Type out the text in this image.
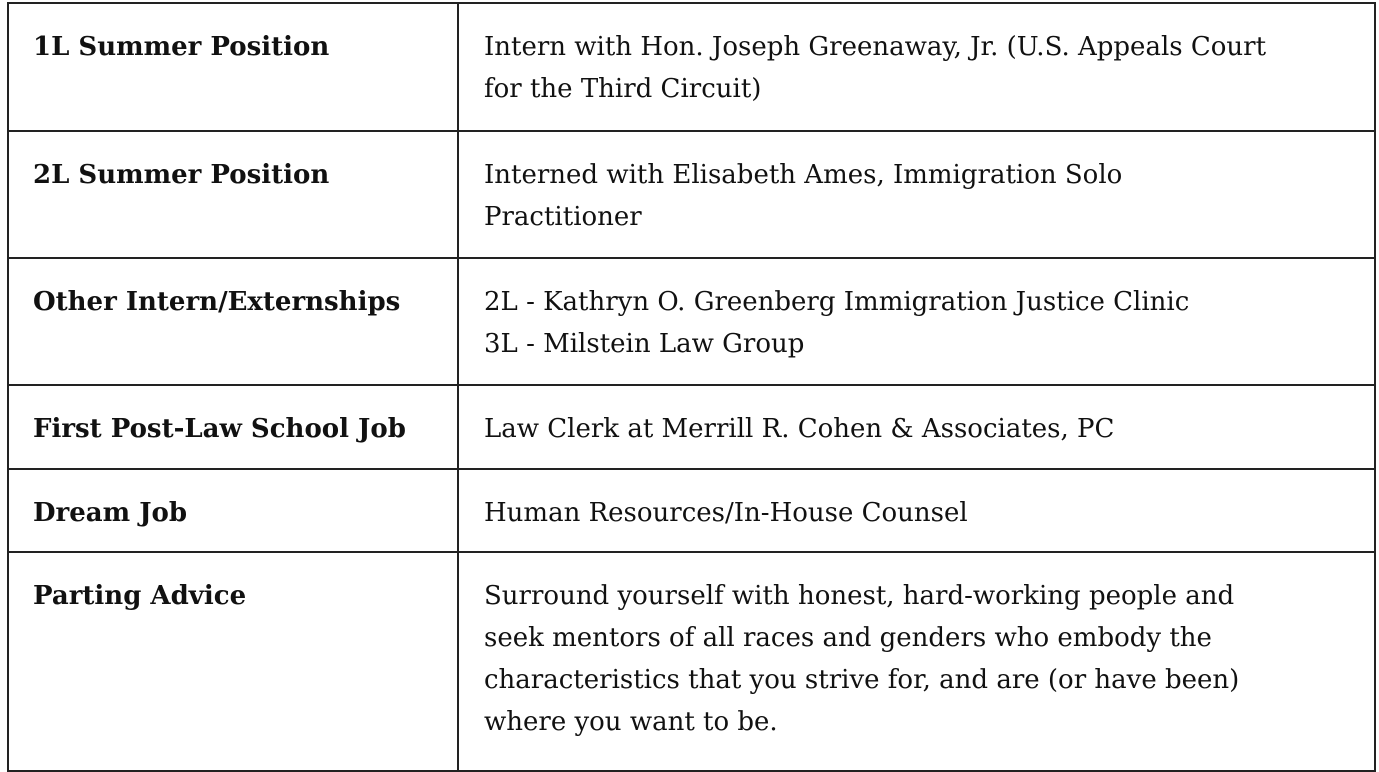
1L Summer Position	Intern with Hon. Joseph Greenaway, Jr. (U.S. Appeals Court
for the Third Circuit)

2L Summer Position	Interned with Elisabeth Ames, Immigration Solo
Practitioner

Other Intern/Externships	2L - Kathryn O. Greenberg Immigration Justice Clinic
3L - Milstein Law Group

First Post-Law School Job	Law Clerk at Merrill R. Cohen & Associates, PC

Dream Job	Human Resources/In-House Counsel

Parting Advice	Surround yourself with honest, hard-working people and
seek mentors of all races and genders who embody the
characteristics that you strive for, and are (or have been)
where you want to be.
